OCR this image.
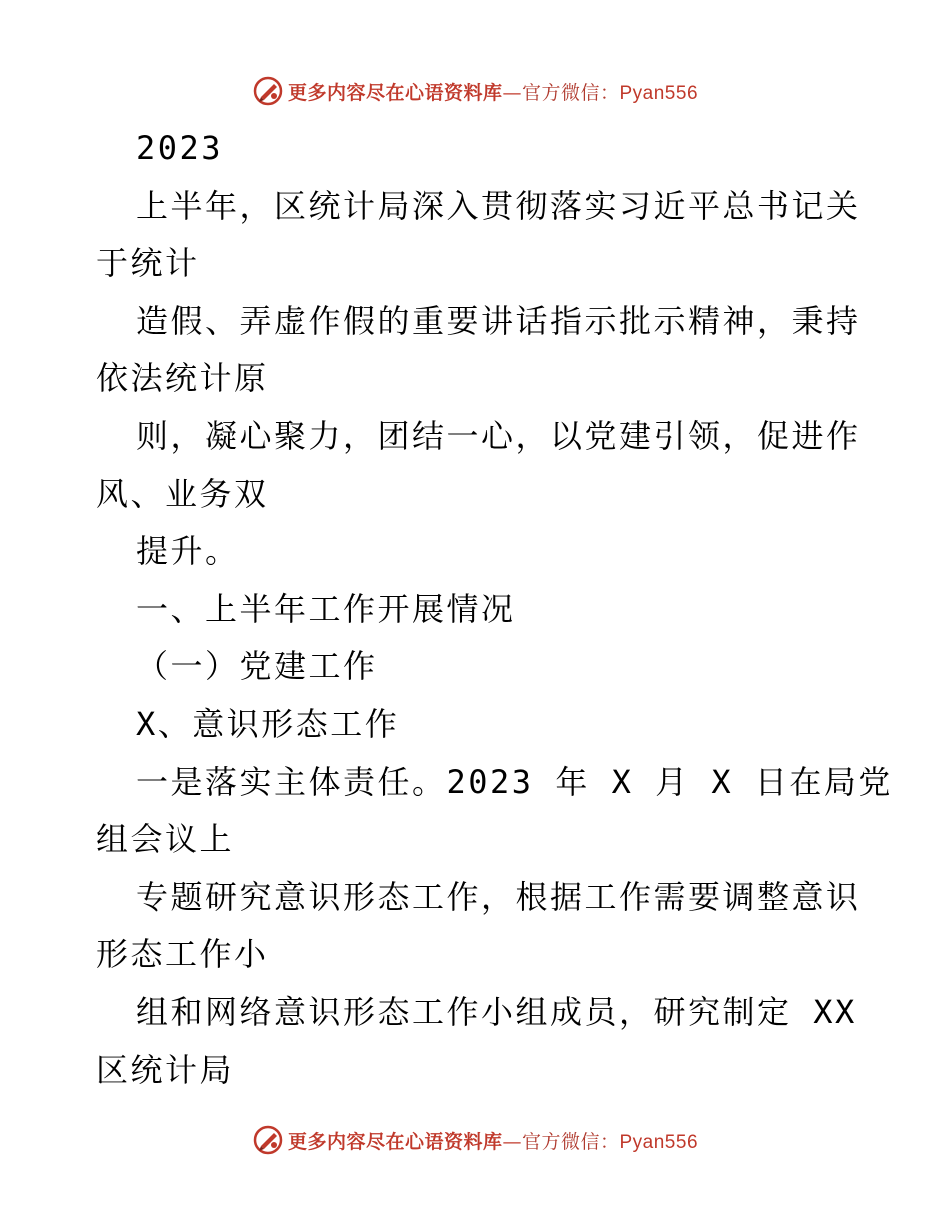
更多内容尽在心语资料库—官方微信：Pyan556
2023
上半年，区统计局深入贯彻落实习近平总书记关
于统计
造假、弄虚作假的重要讲话指示批示精神，秉持
依法统计原
则，凝心聚力，团结一心，以党建引领，促进作
风、业务双
提升。
一、上半年工作开展情况
（一）党建工作
X、意识形态工作
一是落实主体责任。2023 年 X 月 X 日在局党
组会议上
专题研究意识形态工作，根据工作需要调整意识
形态工作小
组和网络意识形态工作小组成员，研究制定 XX
区统计局
更多内容尽在心语资料库—官方微信：Pyan556
